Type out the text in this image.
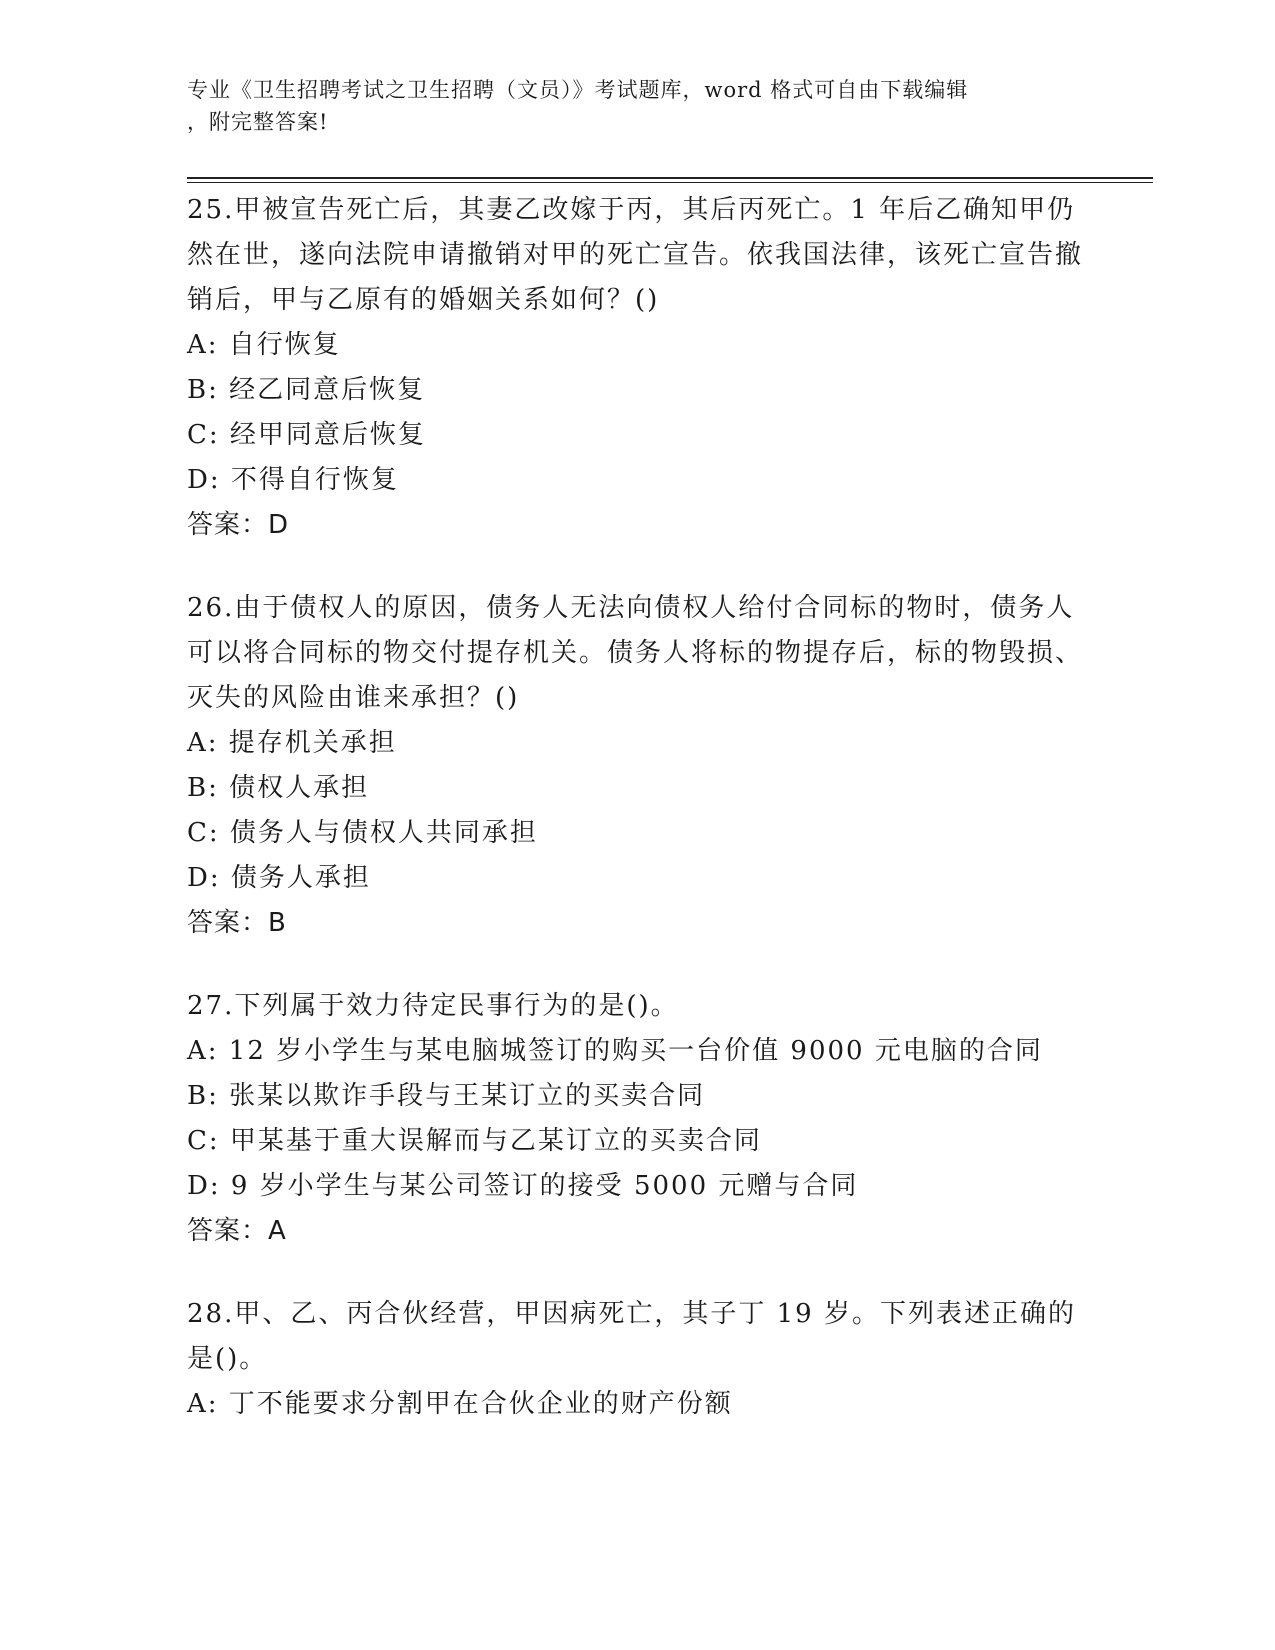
专业《卫生招聘考试之卫生招聘（文员）》考试题库，word 格式可自由下载编辑
，附完整答案!

25.甲被宣告死亡后，其妻乙改嫁于丙，其后丙死亡。1 年后乙确知甲仍然在世，遂向法院申请撤销对甲的死亡宣告。依我国法律，该死亡宣告撤销后，甲与乙原有的婚姻关系如何？()

A: 自行恢复

B: 经乙同意后恢复

C: 经甲同意后恢复

D: 不得自行恢复

答案：D

26.由于债权人的原因，债务人无法向债权人给付合同标的物时，债务人可以将合同标的物交付提存机关。债务人将标的物提存后，标的物毁损、灭失的风险由谁来承担？()

A: 提存机关承担

B: 债权人承担

C: 债务人与债权人共同承担

D: 债务人承担

答案：B

27.下列属于效力待定民事行为的是()。

A: 12 岁小学生与某电脑城签订的购买一台价值 9000 元电脑的合同

B: 张某以欺诈手段与王某订立的买卖合同

C: 甲某基于重大误解而与乙某订立的买卖合同

D: 9 岁小学生与某公司签订的接受 5000 元赠与合同

答案：A

28.甲、乙、丙合伙经营，甲因病死亡，其子丁 19 岁。下列表述正确的是()。

A: 丁不能要求分割甲在合伙企业的财产份额
